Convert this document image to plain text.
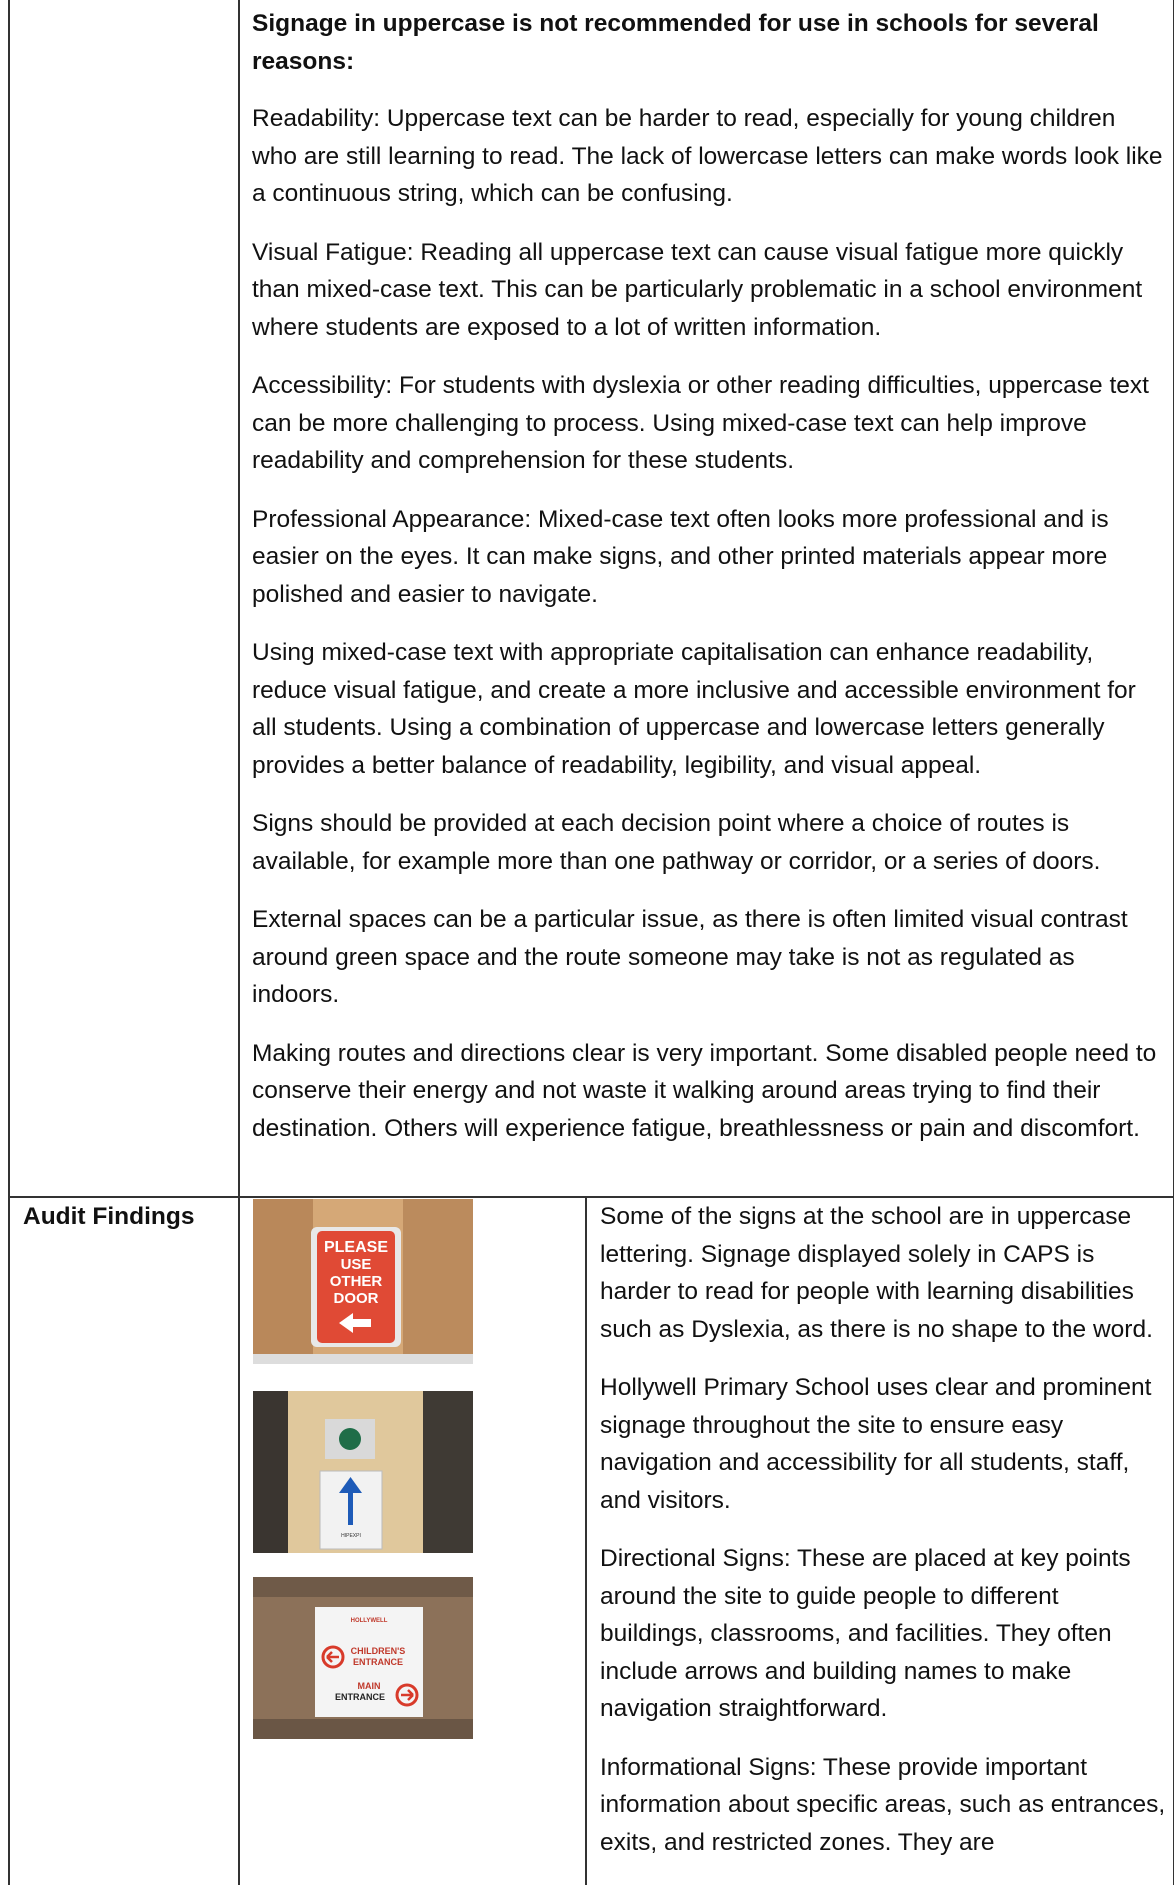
Signage in uppercase is not recommended for use in schools for several reasons:

Readability: Uppercase text can be harder to read, especially for young children who are still learning to read. The lack of lowercase letters can make words look like a continuous string, which can be confusing.

Visual Fatigue: Reading all uppercase text can cause visual fatigue more quickly than mixed-case text. This can be particularly problematic in a school environment where students are exposed to a lot of written information.

Accessibility: For students with dyslexia or other reading difficulties, uppercase text can be more challenging to process. Using mixed-case text can help improve readability and comprehension for these students.

Professional Appearance: Mixed-case text often looks more professional and is easier on the eyes. It can make signs, and other printed materials appear more polished and easier to navigate.

Using mixed-case text with appropriate capitalisation can enhance readability, reduce visual fatigue, and create a more inclusive and accessible environment for all students. Using a combination of uppercase and lowercase letters generally provides a better balance of readability, legibility, and visual appeal.

Signs should be provided at each decision point where a choice of routes is available, for example more than one pathway or corridor, or a series of doors.

External spaces can be a particular issue, as there is often limited visual contrast around green space and the route someone may take is not as regulated as indoors.

Making routes and directions clear is very important. Some disabled people need to conserve their energy and not waste it walking around areas trying to find their destination. Others will experience fatigue, breathlessness or pain and discomfort.

Audit Findings
PLEASE
USE
OTHER
DOOR
HIPEXPI
HOLLYWELL
CHILDREN'S
ENTRANCE
MAIN
ENTRANCE

Some of the signs at the school are in uppercase lettering. Signage displayed solely in CAPS is harder to read for people with learning disabilities such as Dyslexia, as there is no shape to the word.

Hollywell Primary School uses clear and prominent signage throughout the site to ensure easy navigation and accessibility for all students, staff, and visitors.

Directional Signs: These are placed at key points around the site to guide people to different buildings, classrooms, and facilities. They often include arrows and building names to make navigation straightforward.

Informational Signs: These provide important information about specific areas, such as entrances, exits, and restricted zones. They are
